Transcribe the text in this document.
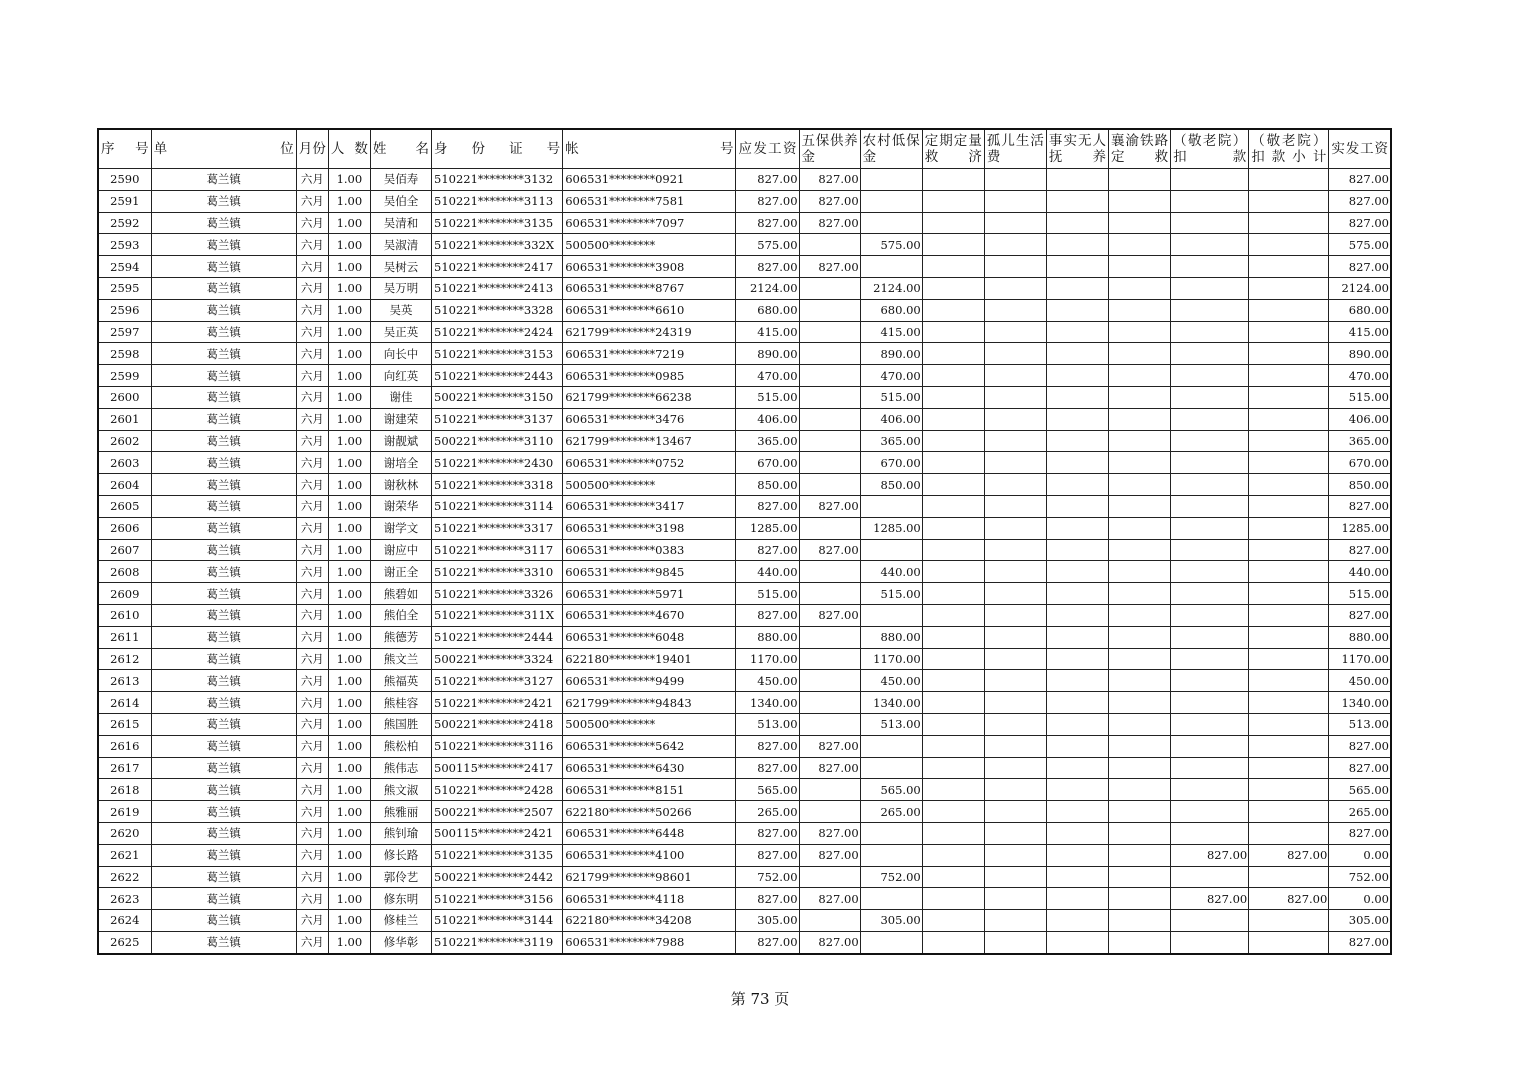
序 号	单 位	月份	人数	姓 名	身 份 证 号	帐 号	应发工资	五保供养金	农村低保金	定期定量救济	孤儿生活费	事实无人抚养	襄渝铁路定救	（敬老院）扣款	（敬老院）扣款小计	实发工资
2590	葛兰镇	六月	1.00	吴佰寿	510221********3132	606531********0921	827.00	827.00								827.00
2591	葛兰镇	六月	1.00	吴伯全	510221********3113	606531********7581	827.00	827.00								827.00
2592	葛兰镇	六月	1.00	吴清和	510221********3135	606531********7097	827.00	827.00								827.00
2593	葛兰镇	六月	1.00	吴淑清	510221********332X	500500********	575.00		575.00							575.00
2594	葛兰镇	六月	1.00	吴树云	510221********2417	606531********3908	827.00	827.00								827.00
2595	葛兰镇	六月	1.00	吴万明	510221********2413	606531********8767	2124.00		2124.00							2124.00
2596	葛兰镇	六月	1.00	吴英	510221********3328	606531********6610	680.00		680.00							680.00
2597	葛兰镇	六月	1.00	吴正英	510221********2424	621799********24319	415.00		415.00							415.00
2598	葛兰镇	六月	1.00	向长中	510221********3153	606531********7219	890.00		890.00							890.00
2599	葛兰镇	六月	1.00	向红英	510221********2443	606531********0985	470.00		470.00							470.00
2600	葛兰镇	六月	1.00	谢佳	500221********3150	621799********66238	515.00		515.00							515.00
2601	葛兰镇	六月	1.00	谢建荣	510221********3137	606531********3476	406.00		406.00							406.00
2602	葛兰镇	六月	1.00	谢靓斌	500221********3110	621799********13467	365.00		365.00							365.00
2603	葛兰镇	六月	1.00	谢培全	510221********2430	606531********0752	670.00		670.00							670.00
2604	葛兰镇	六月	1.00	谢秋林	510221********3318	500500********	850.00		850.00							850.00
2605	葛兰镇	六月	1.00	谢荣华	510221********3114	606531********3417	827.00	827.00								827.00
2606	葛兰镇	六月	1.00	谢学文	510221********3317	606531********3198	1285.00		1285.00							1285.00
2607	葛兰镇	六月	1.00	谢应中	510221********3117	606531********0383	827.00	827.00								827.00
2608	葛兰镇	六月	1.00	谢正全	510221********3310	606531********9845	440.00		440.00							440.00
2609	葛兰镇	六月	1.00	熊碧如	510221********3326	606531********5971	515.00		515.00							515.00
2610	葛兰镇	六月	1.00	熊伯全	510221********311X	606531********4670	827.00	827.00								827.00
2611	葛兰镇	六月	1.00	熊德芳	510221********2444	606531********6048	880.00		880.00							880.00
2612	葛兰镇	六月	1.00	熊文兰	500221********3324	622180********19401	1170.00		1170.00							1170.00
2613	葛兰镇	六月	1.00	熊福英	510221********3127	606531********9499	450.00		450.00							450.00
2614	葛兰镇	六月	1.00	熊桂容	510221********2421	621799********94843	1340.00		1340.00							1340.00
2615	葛兰镇	六月	1.00	熊国胜	500221********2418	500500********	513.00		513.00							513.00
2616	葛兰镇	六月	1.00	熊松柏	510221********3116	606531********5642	827.00	827.00								827.00
2617	葛兰镇	六月	1.00	熊伟志	500115********2417	606531********6430	827.00	827.00								827.00
2618	葛兰镇	六月	1.00	熊文淑	510221********2428	606531********8151	565.00		565.00							565.00
2619	葛兰镇	六月	1.00	熊雅丽	500221********2507	622180********50266	265.00		265.00							265.00
2620	葛兰镇	六月	1.00	熊钊瑜	500115********2421	606531********6448	827.00	827.00								827.00
2621	葛兰镇	六月	1.00	修长路	510221********3135	606531********4100	827.00	827.00						827.00	827.00	0.00
2622	葛兰镇	六月	1.00	郭伶艺	500221********2442	621799********98601	752.00		752.00							752.00
2623	葛兰镇	六月	1.00	修东明	510221********3156	606531********4118	827.00	827.00						827.00	827.00	0.00
2624	葛兰镇	六月	1.00	修桂兰	510221********3144	622180********34208	305.00		305.00							305.00
2625	葛兰镇	六月	1.00	修华彰	510221********3119	606531********7988	827.00	827.00								827.00
第 73 页
